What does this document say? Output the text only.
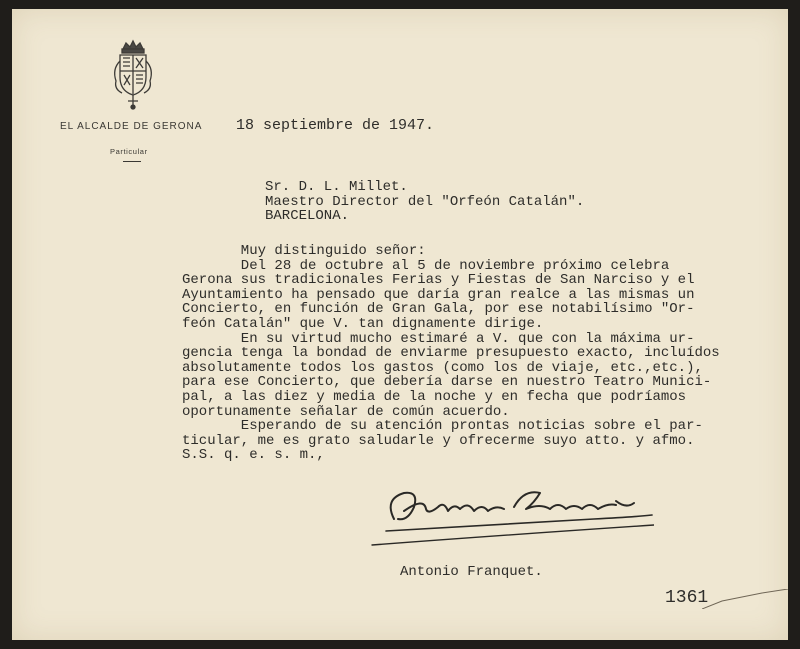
EL ALCALDE DE GERONA
Particular
18 septiembre de 1947.
Sr. D. L. Millet.
Maestro Director del "Orfeón Catalán".
BARCELONA.
Muy distinguido señor:
Del 28 de octubre al 5 de noviembre próximo celebra
Gerona sus tradicionales Ferias y Fiestas de San Narciso y el
Ayuntamiento ha pensado que daría gran realce a las mismas un
Concierto, en función de Gran Gala, por ese notabilísimo "Or-
feón Catalán" que V. tan dignamente dirige.
En su virtud mucho estimaré a V. que con la máxima ur-
gencia tenga la bondad de enviarme presupuesto exacto, incluídos
absolutamente todos los gastos (como los de viaje, etc.,etc.),
para ese Concierto, que debería darse en nuestro Teatro Munici-
pal, a las diez y media de la noche y en fecha que podríamos
oportunamente señalar de común acuerdo.
Esperando de su atención prontas noticias sobre el par-
ticular, me es grato saludarle y ofrecerme suyo atto. y afmo.
S.S. q. e. s. m.,
Antonio Franquet.
1361
